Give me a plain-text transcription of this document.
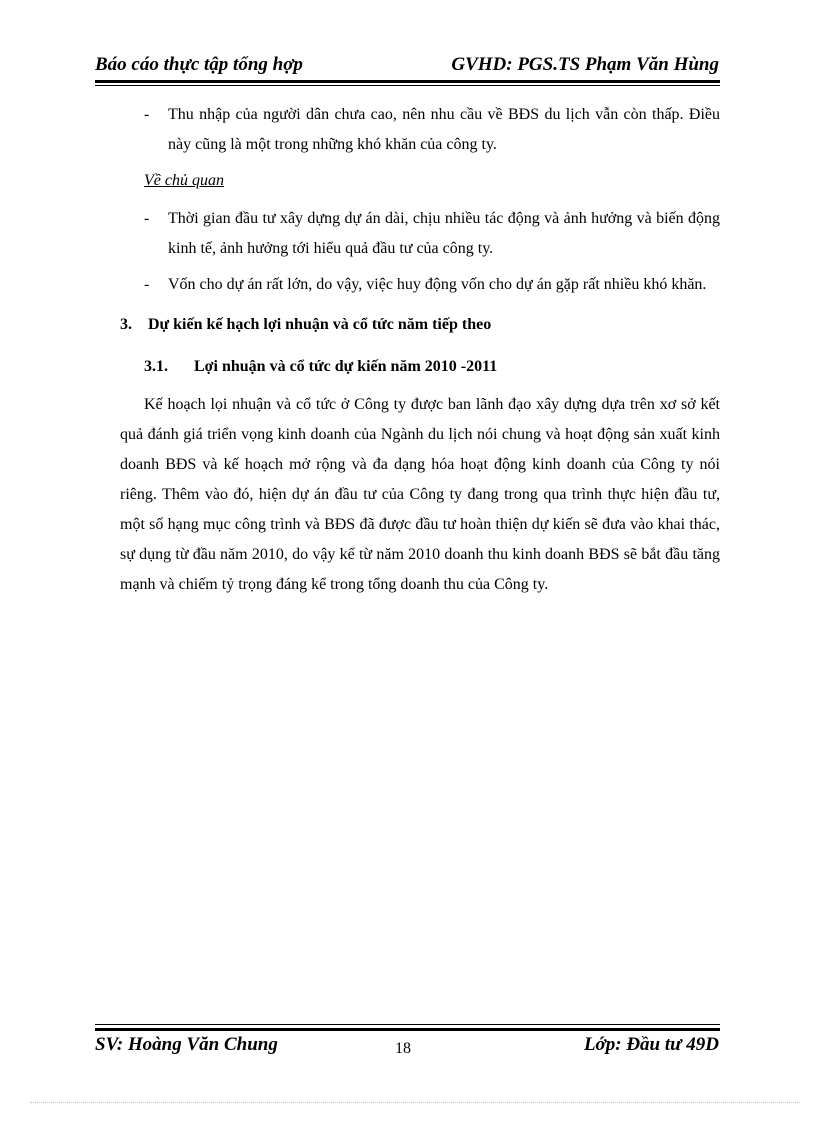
Báo cáo thực tập tổng hợp	GVHD: PGS.TS Phạm Văn Hùng

- Thu nhập của người dân chưa cao, nên nhu cầu về BĐS du lịch vẫn còn thấp. Điều này cũng là một trong những khó khăn của công ty.

Về chủ quan

- Thời gian đầu tư xây dựng dự án dài, chịu nhiều tác động và ảnh hưởng và biến động kinh tế, ảnh hưởng tới hiểu quả đầu tư của công ty.

- Vốn cho dự án rất lớn, do vậy, việc huy động vốn cho dự án gặp rất nhiều khó khăn.

3. Dự kiến kế hạch lợi nhuận và cổ tức năm tiếp theo

3.1. Lợi nhuận và cổ tức dự kiến năm 2010 -2011

Kế hoạch lọi nhuận và cổ tức ở Công ty được ban lãnh đạo xây dựng dựa trên xơ sở kết quả đánh giá triển vọng kinh doanh của Ngành du lịch nói chung và hoạt động sản xuất kinh doanh BĐS và kế hoạch mở rộng và đa dạng hóa hoạt động kinh doanh của Công ty nói riêng. Thêm vào đó, hiện dự án đầu tư của Công ty đang trong qua trình thực hiện đầu tư, một số hạng mục công trình và BĐS đã được đầu tư hoàn thiện dự kiến sẽ đưa vào khai thác, sự dụng từ đầu năm 2010, do vậy kể từ năm 2010 doanh thu kinh doanh BĐS sẽ bắt đầu tăng mạnh và chiếm tỷ trọng đáng kể trong tổng doanh thu của Công ty.

SV: Hoàng Văn Chung	18	Lớp: Đầu tư 49D
